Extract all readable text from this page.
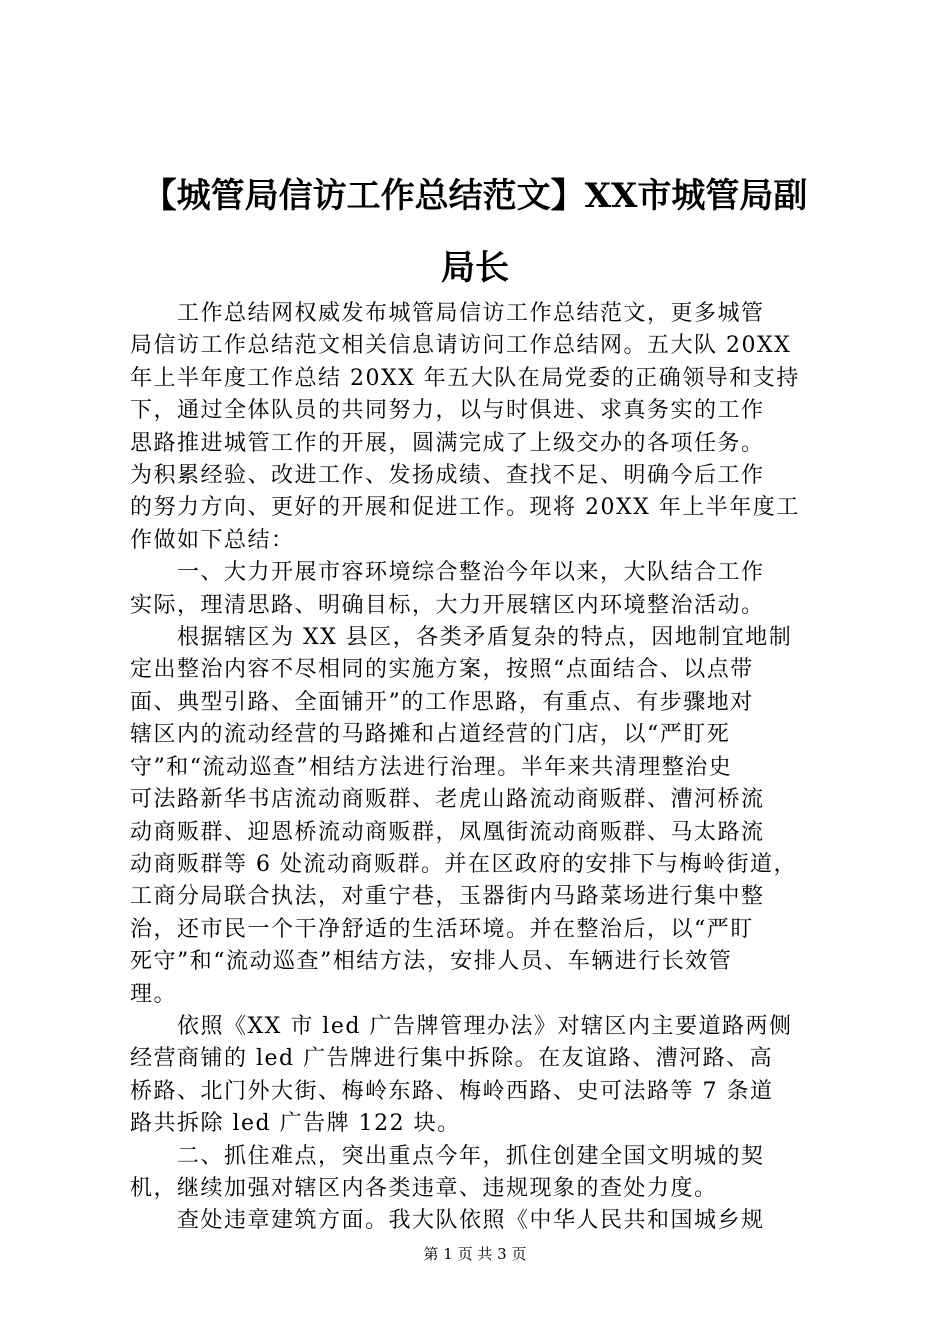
【城管局信访工作总结范文】XX市城管局副
局长

　　工作总结网权威发布城管局信访工作总结范文，更多城管
局信访工作总结范文相关信息请访问工作总结网。五大队 20XX
年上半年度工作总结 20XX 年五大队在局党委的正确领导和支持
下，通过全体队员的共同努力，以与时俱进、求真务实的工作
思路推进城管工作的开展，圆满完成了上级交办的各项任务。
为积累经验、改进工作、发扬成绩、查找不足、明确今后工作
的努力方向、更好的开展和促进工作。现将 20XX 年上半年度工
作做如下总结：

　　一、大力开展市容环境综合整治今年以来，大队结合工作
实际，理清思路、明确目标，大力开展辖区内环境整治活动。

　　根据辖区为 XX 县区，各类矛盾复杂的特点，因地制宜地制
定出整治内容不尽相同的实施方案，按照“点面结合、以点带
面、典型引路、全面铺开”的工作思路，有重点、有步骤地对
辖区内的流动经营的马路摊和占道经营的门店，以“严盯死
守”和“流动巡查”相结方法进行治理。半年来共清理整治史
可法路新华书店流动商贩群、老虎山路流动商贩群、漕河桥流
动商贩群、迎恩桥流动商贩群，凤凰街流动商贩群、马太路流
动商贩群等 6 处流动商贩群。并在区政府的安排下与梅岭街道，
工商分局联合执法，对重宁巷，玉器街内马路菜场进行集中整
治，还市民一个干净舒适的生活环境。并在整治后，以“严盯
死守”和“流动巡查”相结方法，安排人员、车辆进行长效管
理。

　　依照《XX 市 led 广告牌管理办法》对辖区内主要道路两侧
经营商铺的 led 广告牌进行集中拆除。在友谊路、漕河路、高
桥路、北门外大街、梅岭东路、梅岭西路、史可法路等 7 条道
路共拆除 led 广告牌 122 块。

　　二、抓住难点，突出重点今年，抓住创建全国文明城的契
机，继续加强对辖区内各类违章、违规现象的查处力度。

　　查处违章建筑方面。我大队依照《中华人民共和国城乡规

第 1 页 共 3 页
